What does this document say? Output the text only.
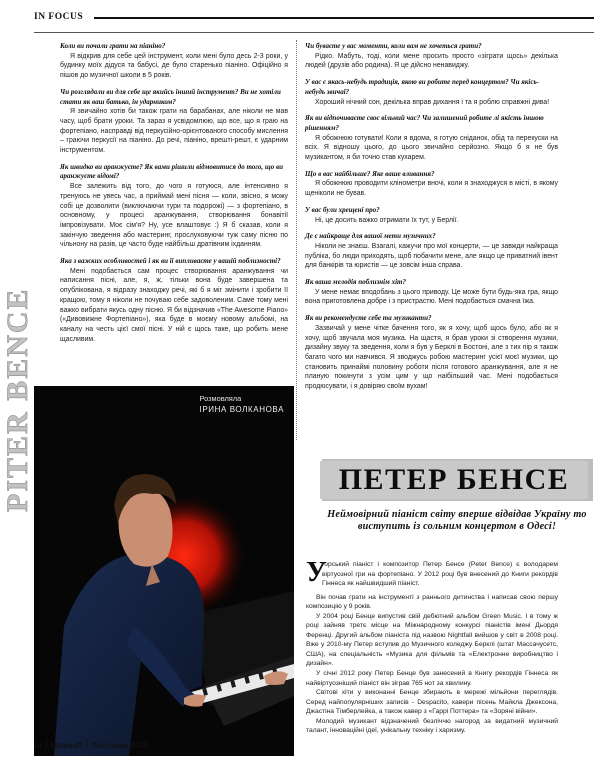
IN FOCUS
Коли ви почали грати на піаніно?
Я відкрив для себе цей інструмент, коли мені було десь 2-3 роки, у будинку моїх дідуся та бабусі, де було старенько піаніно. Офіційно я пішов до музичної школи в 5 років.
Чи розглядали ви для себе ще якийсь інший інструмент? Ви не хотіли стати як ваш батько, ін ударником?
Я звичайно хотів би також грати на барабанах, але ніколи не мав часу, щоб брати уроки. Та зараз я усвідомлюю, що все, що я граю на фортепіано, насправді від перкусійно-орієнтованого способу мислення – граючи перкусії на піаніно. До речі, піаніно, врешті-решт, є ударним інструментом.
Як швидко ви аранжуєте? Як вами рішили відмовитися до того, що ви аранжуєте відомі?
Все залежить від того, до чого я готуюся, але інтенсивно я тренуюсь не увесь час, а приймай мені пісня — коли, звісно, я можу собі це дозволити (виключаючи тури та подорожі) — з фортепіано, в основному, у процесі аранжування, створювання бонавітії імпровізувати. Моє сім'я? Ну, усе влаштовує :) Я б сказав, коли я закінчую зведення або мастеринг, прослуховуючи туж саму пісню по чільнону на разів, це часто буде найбільш дратівним іхданням.
Яка з важких особливостей і як ви її випливаєте у вашій поблизності?
Мені подобається сам процес створювання аранжування чи написання пісні, але, я, ж, тільки вона буде завершена та опублікована, я відразу знаходжу речі, які б я міг змінити і зробити її кращою, тому я ніколи не почуваю себе задоволеним. Саме тому мені важко вибрати якусь одну пісню. Я би відзначив «The Awesome Piano» («Дивовижне Фортепіано»), яка буде в моєму новому альбомі, на каналу на честь цієї смої пісні. У ній є щось таке, що робить мене щасливим.
Чи буваєте у вас моменти, коли вам не хочеться грати?
Рідко. Мабуть, тоді, коли мене просить просто «зіграти щось» декілька людей (друзів або родина). Я це дійсно ненавиджу.
У вас є якась-небудь традиція, якою ви робите перед концертом? Чи якісь-небудь звичаї?
Хороший нічний сон, декілька вправ дихання і та я роблю справжні дива!
Як ви відпочиваєте своє вільний час? Чи залишений робите лі якість іншою рішенням?
Я обожнюю готувати! Коли я вдома, я готую сніданок, обід та перекуски на всіх. Я відношу цього, до цього звичайно серйозно. Якщо б я не був музикантом, я би точно став кухарем.
Що в вас найбільше? Яке ваше вливання?
Я обожнюю проводити клінометри вночі, коли я знаходжуся в місті, в якому щеніколи не бував.
У вас були хрещені про?
Ні, це досить важко отримати їх тут, у Берлії.
Де є найкраще для вашої мети музичних?
Ніколи не знаєш. Взагалі, кажучи про мої концерти, — це завжди найкраща публіка, бо люди приходять, щоб побачити мене, але якщо це приватний івент для банкірів та юристів — це зовсім інша справа.
Як ваша мелодія поблизнім хіт?
У мене немає вподобань з цього приводу. Це може бути будь-яка гра, якщо вона приготовлена добре і з пристрастю. Мені подобається смачна їжа.
Як ви рекомендуєте себе та музиканти?
Зазвичай у мене чітке бачення того, як я хочу, щоб щось було, або як я хочу, щоб звучала моя музика. На щастя, я брав уроки зі створення музики, дизайну звуку та зведення, коли я був у Берклі в Бостоні, але з тих пір я також багато чого ми навчився. Я зводжусь робою мастеринг усієї моєї музики, що становить принаймі половину роботи після готового аранжування, але я не планую покинути з усім цим у що наібільший час. Мені подобається продюсувати, і я довіряю своїм вухам!
PITER BENCE	Розмовляла
ІРИНА ВОЛКАНОВА
ПЕТЕР БЕНСЕ
Неймовірний піаніст світу вперше відвідав Україну то виступить із сольним концертом в Одесі!
У

горський піаніст і композитор Петер Бенсе (Peter Bence) є володарем віртуозної гри на фортепіано. У 2012 році був внесений до Книги рекордів Гіннеса як найшвидший піаніст.

Він почав грати на інструменті з раннього дитинства і написав свою першу композицію у 9 років.

У 2004 році Бенце випустив свій дебютний альбом Green Music. І в тому ж році зайняв третє місце на Міжнародному конкурсі піаністів імені Дьордя Ференці. Другий альбом піаніста під назвою Nightfall вийшов у світ в 2008 році. Вже у 2010-му Петер вступив до Музичного коледжу Берклі (штат Массачусетс, США), на спеціальність «Музика для фільмів та «Електронне виробництво і дизайн».

У січні 2012 року Петер Бенце був занесений в Книгу рекордів Гіннеса як найвіртуозніший піаніст він зіграв 765 нот за хвилину.

Світові хіти у виконанні Бенце збирають в мережі мільйони переглядів. Серед найпопулярніших записів - Despacito, кавери пісень Майкла Джексона, Джастіна Тімберлейка, а також кавер з «Гаррі Поттера» та «Зоряні війни».

Молодий музикант відзначений безліччю нагород за видатний музичний талант, інноваційні ідеї, унікальну техніку і харизму.

64 Hitamoff Листопад 2018
